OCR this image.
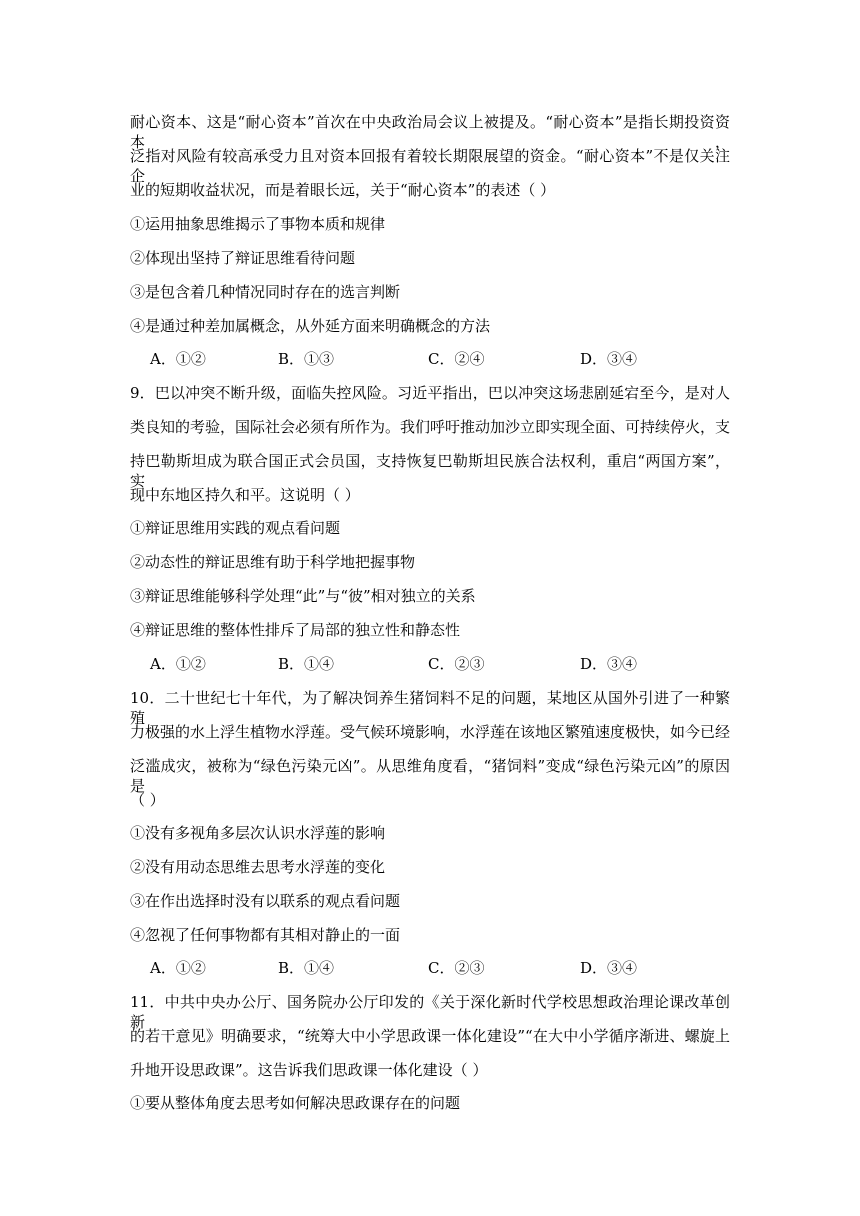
耐心资本、这是“耐心资本”首次在中央政治局会议上被提及。“耐心资本”是指长期投资资本，
泛指对风险有较高承受力且对资本回报有着较长期限展望的资金。“耐心资本”不是仅关注企
业的短期收益状况，而是着眼长远，关于“耐心资本”的表述（ ）
①运用抽象思维揭示了事物本质和规律
②体现出坚持了辩证思维看待问题
③是包含着几种情况同时存在的选言判断
④是通过种差加属概念，从外延方面来明确概念的方法
A．①②	B．①③	C．②④	D．③④
9．巴以冲突不断升级，面临失控风险。习近平指出，巴以冲突这场悲剧延宕至今，是对人
类良知的考验，国际社会必须有所作为。我们呼吁推动加沙立即实现全面、可持续停火，支
持巴勒斯坦成为联合国正式会员国，支持恢复巴勒斯坦民族合法权利，重启“两国方案”，实
现中东地区持久和平。这说明（ ）
①辩证思维用实践的观点看问题
②动态性的辩证思维有助于科学地把握事物
③辩证思维能够科学处理“此”与“彼”相对独立的关系
④辩证思维的整体性排斥了局部的独立性和静态性
A．①②	B．①④	C．②③	D．③④
10．二十世纪七十年代，为了解决饲养生猪饲料不足的问题，某地区从国外引进了一种繁殖
力极强的水上浮生植物水浮莲。受气候环境影响，水浮莲在该地区繁殖速度极快，如今已经
泛滥成灾，被称为“绿色污染元凶”。从思维角度看，“猪饲料”变成“绿色污染元凶”的原因是
（ ）
①没有多视角多层次认识水浮莲的影响
②没有用动态思维去思考水浮莲的变化
③在作出选择时没有以联系的观点看问题
④忽视了任何事物都有其相对静止的一面
A．①②	B．①④	C．②③	D．③④
11．中共中央办公厅、国务院办公厅印发的《关于深化新时代学校思想政治理论课改革创新
的若干意见》明确要求，“统筹大中小学思政课一体化建设”“在大中小学循序渐进、螺旋上
升地开设思政课”。这告诉我们思政课一体化建设（ ）
①要从整体角度去思考如何解决思政课存在的问题
